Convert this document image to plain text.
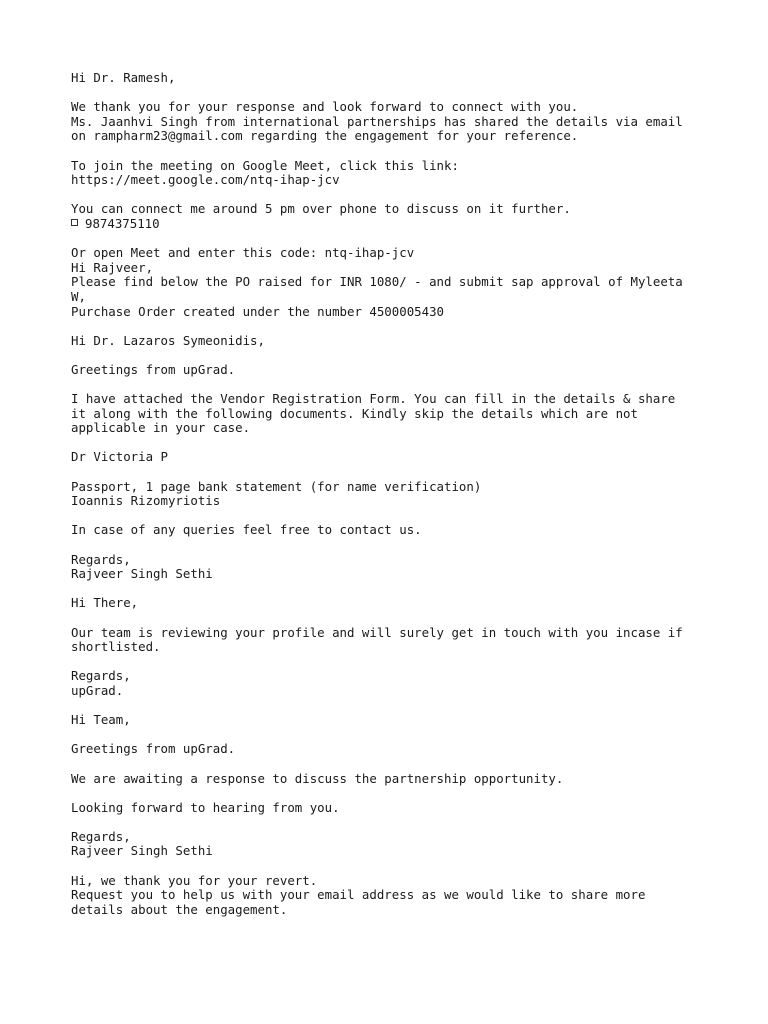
Hi Dr. Ramesh,
We thank you for your response and look forward to connect with you.
Ms. Jaanhvi Singh from international partnerships has shared the details via email
on rampharm23@gmail.com regarding the engagement for your reference.
To join the meeting on Google Meet, click this link:
https://meet.google.com/ntq-ihap-jcv
You can connect me around 5 pm over phone to discuss on it further.
9874375110
Or open Meet and enter this code: ntq-ihap-jcv
Hi Rajveer,
Please find below the PO raised for INR 1080/ - and submit sap approval of Myleeta
W,
Purchase Order created under the number 4500005430
Hi Dr. Lazaros Symeonidis,
Greetings from upGrad.
I have attached the Vendor Registration Form. You can fill in the details & share
it along with the following documents. Kindly skip the details which are not
applicable in your case.
Dr Victoria P
Passport, 1 page bank statement (for name verification)
Ioannis Rizomyriotis
In case of any queries feel free to contact us.
Regards,
Rajveer Singh Sethi
Hi There,
Our team is reviewing your profile and will surely get in touch with you incase if
shortlisted.
Regards,
upGrad.
Hi Team,
Greetings from upGrad.
We are awaiting a response to discuss the partnership opportunity.
Looking forward to hearing from you.
Regards,
Rajveer Singh Sethi
Hi, we thank you for your revert.
Request you to help us with your email address as we would like to share more
details about the engagement.
